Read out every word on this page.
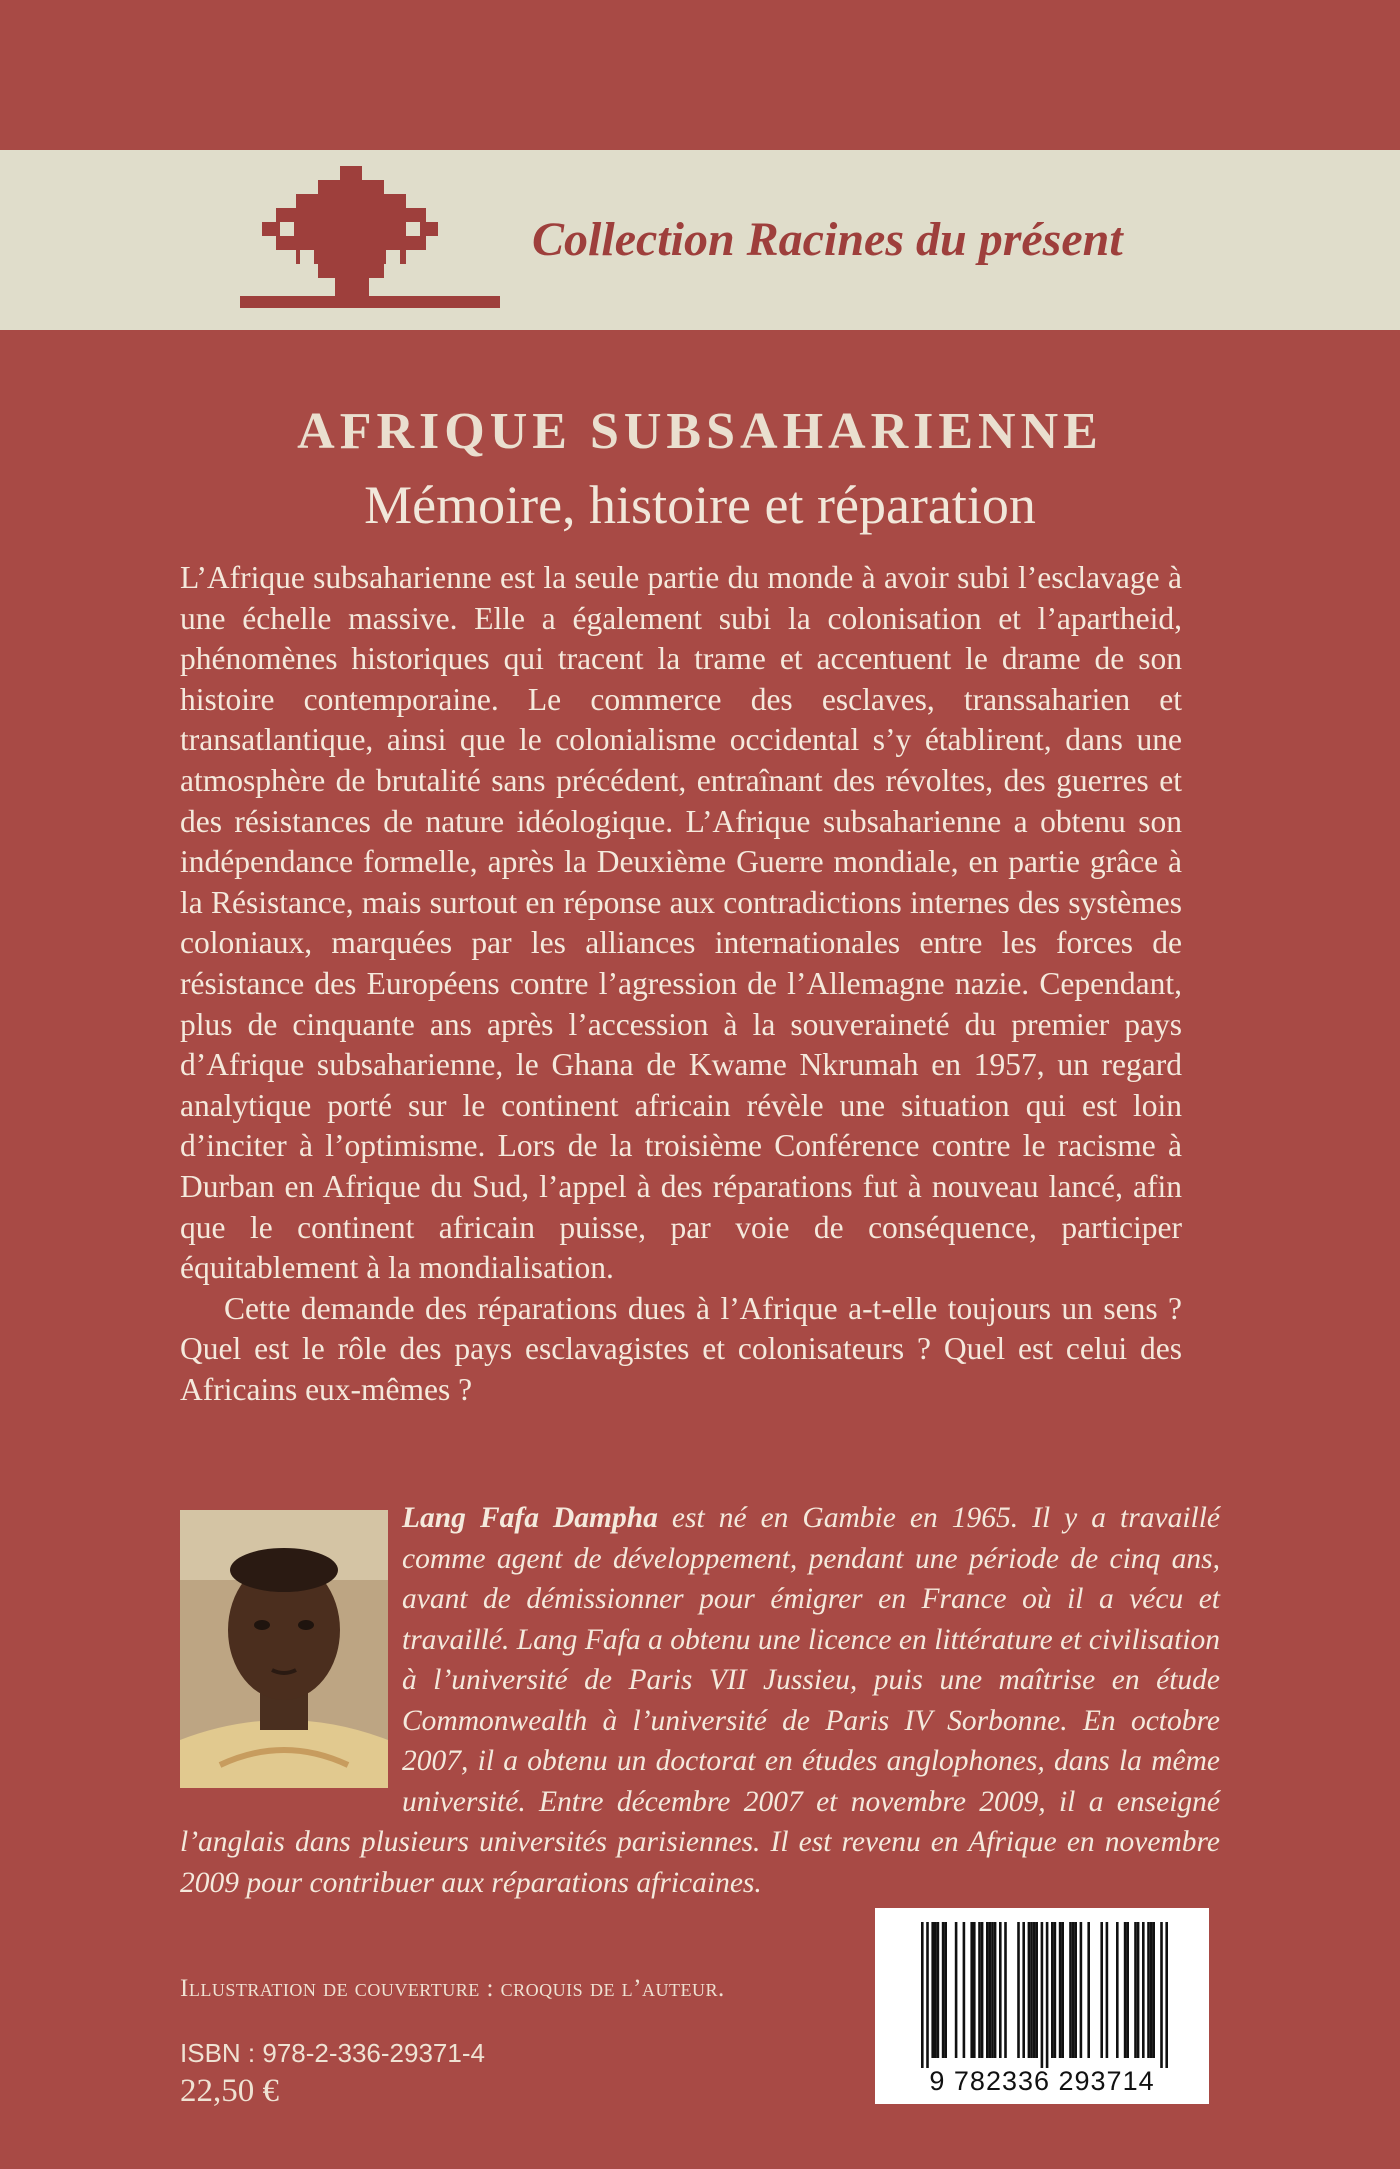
Collection Racines du présent
AFRIQUE SUBSAHARIENNE
Mémoire, histoire et réparation

L’Afrique subsaharienne est la seule partie du monde à avoir subi l’esclavage à une échelle massive. Elle a également subi la colonisation et l’apartheid, phénomènes historiques qui tracent la trame et accentuent le drame de son histoire contemporaine. Le commerce des esclaves, transsaharien et transatlantique, ainsi que le colonialisme occidental s’y établirent, dans une atmosphère de brutalité sans précédent, entraînant des révoltes, des guerres et des résistances de nature idéologique. L’Afrique subsaharienne a obtenu son indépendance formelle, après la Deuxième Guerre mondiale, en partie grâce à la Résistance, mais surtout en réponse aux contradictions internes des systèmes coloniaux, marquées par les alliances internationales entre les forces de résistance des Européens contre l’agression de l’Allemagne nazie. Cependant, plus de cinquante ans après l’accession à la souveraineté du premier pays d’Afrique subsaharienne, le Ghana de Kwame Nkrumah en 1957, un regard analytique porté sur le continent africain révèle une situation qui est loin d’inciter à l’optimisme. Lors de la troisième Conférence contre le racisme à Durban en Afrique du Sud, l’appel à des réparations fut à nouveau lancé, afin que le continent africain puisse, par voie de conséquence, participer équitablement à la mondialisation.

Cette demande des réparations dues à l’Afrique a-t-elle toujours un sens ? Quel est le rôle des pays esclavagistes et colonisateurs ? Quel est celui des Africains eux-mêmes ?

Lang Fafa Dampha est né en Gambie en 1965. Il y a travaillé comme agent de développement, pendant une période de cinq ans, avant de démissionner pour émigrer en France où il a vécu et travaillé. Lang Fafa a obtenu une licence en littérature et civilisation à l’université de Paris VII Jussieu, puis une maîtrise en étude Commonwealth à l’université de Paris IV Sorbonne. En octobre 2007, il a obtenu un doctorat en études anglophones, dans la même université. Entre décembre 2007 et novembre 2009, il a enseigné l’anglais dans plusieurs universités parisiennes. Il est revenu en Afrique en novembre 2009 pour contribuer aux réparations africaines.
Illustration de couverture : croquis de l’auteur.
ISBN : 978-2-336-29371-4
22,50 €	9 782336 293714
